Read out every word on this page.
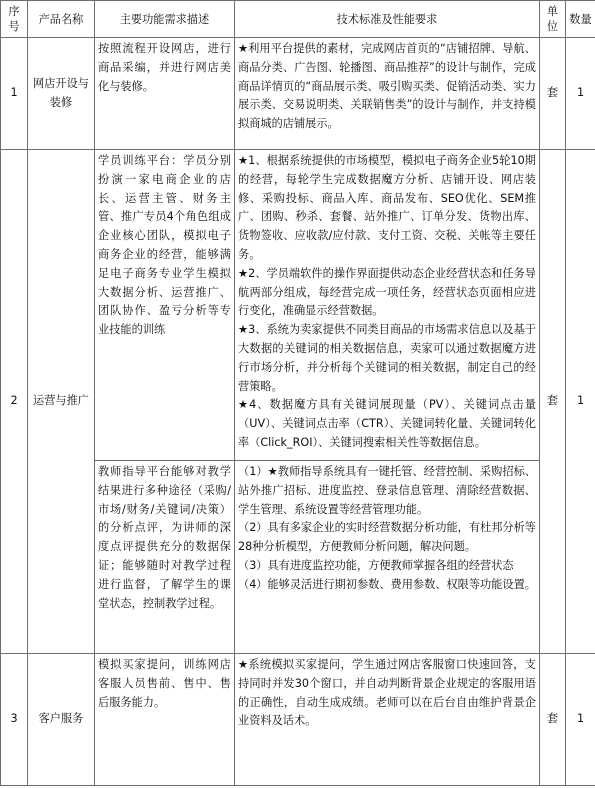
序号	产品名称	主要功能需求描述	技术标准及性能要求	单位	数量
1	网店开设与装修	按照流程开设网店，进行商品采编，并进行网店美化与装修。	★利用平台提供的素材，完成网店首页的“店铺招牌、导航、商品分类、广告图、轮播图、商品推荐”的设计与制作，完成商品详情页的“商品展示类、吸引购买类、促销活动类、实力展示类、交易说明类、关联销售类”的设计与制作，并支持模拟商城的店铺展示。	套	1
2	运营与推广	学员训练平台：学员分别扮演一家电商企业的店长、运营主管、财务主管、推广专员4个角色组成企业核心团队，模拟电子商务企业的经营，能够满足电子商务专业学生模拟大数据分析、运营推广、团队协作、盈亏分析等专业技能的训练	★1、根据系统提供的市场模型，模拟电子商务企业5轮10期的经营，每轮学生完成数据魔方分析、店铺开设、网店装修、采购投标、商品入库、商品发布、SEO优化、SEM推广、团购、秒杀、套餐、站外推广、订单分发、货物出库、货物签收、应收款/应付款、支付工资、交税、关帐等主要任务。
★2、学员端软件的操作界面提供动态企业经营状态和任务导航两部分组成，每经营完成一项任务，经营状态页面相应进行变化，准确显示经营数据。
★3、系统为卖家提供不同类目商品的市场需求信息以及基于大数据的关键词的相关数据信息，卖家可以通过数据魔方进行市场分析，并分析每个关键词的相关数据，制定自己的经营策略。
★4、数据魔方具有关键词展现量（PV）、关键词点击量（UV）、关键词点击率（CTR）、关键词转化量、关键词转化率（Click_ROI）、关键词搜索相关性等数据信息。	套	1
		教师指导平台能够对教学结果进行多种途径（采购/市场/财务/关键词/决策）的分析点评，为讲师的深度点评提供充分的数据保证；能够随时对教学过程进行监督，了解学生的课堂状态，控制教学过程。	（1）★教师指导系统具有一键托管、经营控制、采购招标、站外推广招标、进度监控、登录信息管理、清除经营数据、学生管理、系统设置等经营管理功能。
（2）具有多家企业的实时经营数据分析功能，有杜邦分析等28种分析模型，方便教师分析问题，解决问题。
（3）具有进度监控功能，方便教师掌握各组的经营状态
（4）能够灵活进行期初参数、费用参数、权限等功能设置。		

3	客户服务	模拟买家提问，训练网店客服人员售前、售中、售后服务能力。	★系统模拟买家提问，学生通过网店客服窗口快速回答，支持同时并发30个窗口，并自动判断背景企业规定的客服用语的正确性，自动生成成绩。老师可以在后台自由维护背景企业资料及话术。	套	1
